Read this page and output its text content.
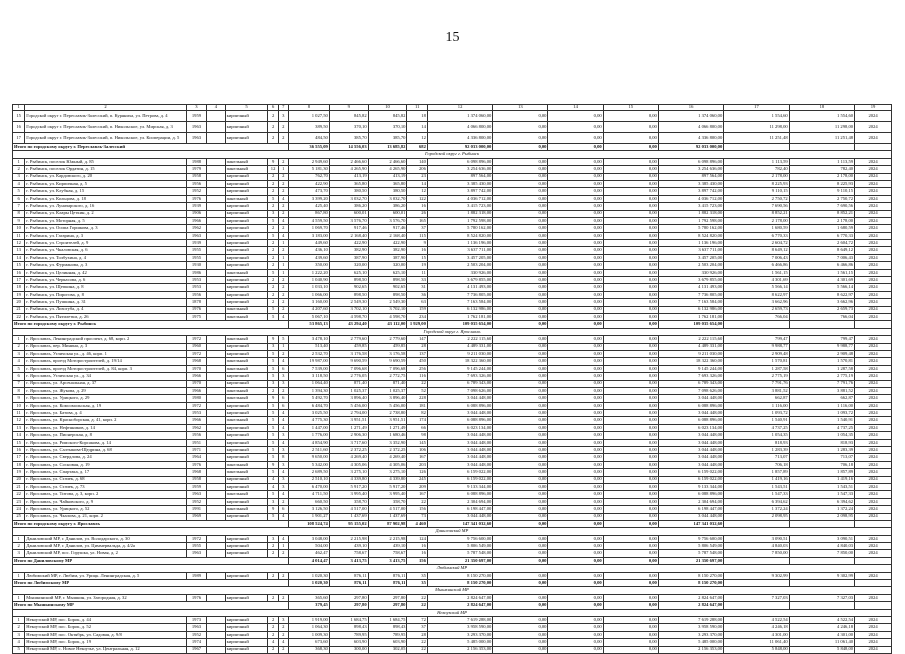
15
1	2	3	4	5	6	7	8	9	10	11	12	13	14	15	16	17	18	19
15	Городской округ г. Переславль-Залесский, п. Куряниха, ул. Петрова, д. 4	1959		кирпичный	2	3	1 027,50	845,82	845,82	18	1 374 060,00	0,00	0,00	0,00	1 374 060,00	1 554,60	1 554,60	2024
16	Городской округ г. Переславль-Залесский, п. Никольское, ул. Мирская, д. 3	1963		кирпичный	2	2	389,50	370,10	370,10	14	4 066 800,00	0,00	0,00	0,00	4 066 800,00	11 298,00	11 298,00	2024
17	Городской округ г. Переславль-Залесский, п. Никольское, ул. Кооперации, д. 5	1963		кирпичный	2	2	484,50	385,70	385,70	12	4 336 800,00	0,00	0,00	0,00	4 336 800,00	11 251,48	11 251,48	2024
Итого по городскому округу г. Переславль-Залесский							36 555,09	14 556,03	13 685,82	682	92 033 000,00	0,00	0,00	0,00	92 033 000,00			
Городской округ г. Рыбинск																		
1	г. Рыбинск, поселок Южный, д. 85	1988		панельный	9	2	2 949,60	2 466,60	2 466,60	140	6 098 896,00	0,00	0,00	0,00	6 098 896,00	1 113,59	1 113,59	2024
2	г. Рыбинск, поселок Ордатин, д. 15	1979		панельный	12	1	5 181,30	4 265,90	4 265,90	206	3 254 636,00	0,00	0,00	0,00	3 254 636,00	782,40	782,40	2024
3	г. Рыбинск, ул. Кардовского, д. 20	1958		кирпичный	2	2	762,70	413,19	413,19	23	897 564,00	0,00	0,00	0,00	897 564,00	2 178,00	2 178,00	2024
4	г. Рыбинск, ул. Кирпичная, д. 5	1956		кирпичный	2	2	422,90	365,80	365,80	14	3 385 430,00	0,00	0,00	0,00	3 385 430,00	8 225,93	8 225,93	2024
5	г. Рыбинск, ул. Клубная, д. 15	1952		кирпичный	2	2	473,70	380,50	380,50	12	3 897 742,00	0,00	0,00	0,00	3 897 742,00	9 110,15	9 110,15	2024
6	г. Рыбинск, ул. Кольцова, д. 18	1976		панельный	5	4	3 399,20	3 032,70	3 032,70	122	4 036 712,00	0,00	0,00	0,00	4 036 712,00	2 750,72	2 750,72	2024
7	г. Рыбинск, ул. Луначарского, д. 16	1939		кирпичный	2	2	425,40	386,20	386,20	16	3 415 723,00	0,00	0,00	0,00	3 415 723,00	7 690,56	7 690,56	2024
8	г. Рыбинск, ул. Клары Цеткин, д. 2	1906		кирпичный	3	2	867,80	600,01	600,01	26	1 882 318,00	0,00	0,00	0,00	1 882 318,00	8 852,21	8 852,21	2024
9	г. Рыбинск, ул. Моторная, д. 5	1966		кирпичный	5	4	4 559,50	3 576,70	3 576,70	165	1 792 598,00	0,00	0,00	0,00	1 792 598,00	2 178,00	2 178,00	2024
10	г. Рыбинск, ул. Осипа Горшкова, д. 3	1962		кирпичный	2	2	1 069,70	917,46	917,46	37	5 780 162,00	0,00	0,00	0,00	5 780 162,00	1 680,59	1 680,59	2024
11	г. Рыбинск, ул. Гагарина, д. 3	1963		кирпичный	5	4	3 183,00	2 168,40	2 168,40	115	8 524 820,00	0,00	0,00	0,00	8 524 820,00	6 770,33	6 770,33	2024
12	г. Рыбинск, ул. Строителей, д. 9	1939		кирпичный	2	1	449,60	422,90	422,90	9	1 136 196,00	0,00	0,00	0,00	1 136 196,00	2 604,72	2 604,72	2024
13	г. Рыбинск, ул. Чкаловская, д. 6	1955		кирпичный	2	2	436,10	382,90	382,90	16	3 637 711,00	0,00	0,00	0,00	3 637 711,00	8 649,12	8 649,12	2024
14	г. Рыбинск, ул. Толбухина, д. 4	1955		кирпичный	2	1	439,60	387,90	387,90	15	3 457 205,00	0,00	0,00	0,00	3 457 205,00	7 006,43	7 006,43	2024
15	г. Рыбинск, ул. Фурманова, д. 3	1930		кирпичный	2	1	350,00	320,00	320,00	19	2 503 204,00	0,00	0,00	0,00	2 503 204,00	6 466,86	6 466,86	2024
16	г. Рыбинск, ул. Целинная, д. 42	1986		панельный	5	1	1 222,20	625,10	625,10	11	330 926,00	0,00	0,00	0,00	330 926,00	1 561,15	1 561,15	2024
17	г. Рыбинск, ул. Черкасова, д. 6	1953		кирпичный	2	2	1 040,90	898,50	898,50	33	3 679 855,00	0,00	0,00	0,00	3 679 855,00	4 301,69	4 301,69	2024
18	г. Рыбинск, ул. Щепкина, д. 8	1953		кирпичный	2	2	1 033,10	902,65	902,65	31	4 131 493,00	0,00	0,00	0,00	4 131 493,00	5 566,14	5 566,14	2024
19	г. Рыбинск, ул. Пирогова, д. 8	1956		кирпичный	2	2	1 066,00	898,50	898,50	36	7 736 805,00	0,00	0,00	0,00	7 736 805,00	8 622,97	8 622,97	2024
20	г. Рыбинск, ул. Пушкина, д. 31	1878		кирпичный	2	2	3 160,00	2 549,30	2 549,30	63	7 163 584,00	0,00	0,00	0,00	7 163 584,00	3 662,96	3 662,96	2024
21	г. Рыбинск, ул. Лизогуба, д. 4	1976		панельный	5	2	4 207,60	3 702,10	3 702,10	159	6 132 986,00	0,00	0,00	0,00	6 132 986,00	2 659,73	2 659,73	2024
22	г. Рыбинск, ул. Пятилетки, д. 26	1975		панельный	5	4	5 067,10	4 598,70	4 598,70	234	1 762 181,00	0,00	0,00	0,00	1 762 181,00	766,04	766,04	2024
Итого по городскому округу г. Рыбинск							53 865,13	43 294,40	43 112,00	1 929,00	109 035 654,00	0,00	0,00	0,00	109 035 654,00			
Городской округ г. Ярославль																		
1	г. Ярославль, Ленинградский проспект, д. 68, корп. 2	1972		панельный	9	5	3 478,10	2 779,60	2 779,60	147	2 222 115,60	0,00	0,00	0,00	2 222 115,60	799,47	799,47	2024
2	г. Ярославль, пер. Минина, д. 3	1960		кирпичный	3	1	513,40	459,85	459,85	28	4 489 331,00	0,00	0,00	0,00	4 489 331,00	9 988,77	9 988,77	2024
3	г. Ярославль, Угличская ул., д. 46, корп. 1	1972		кирпичный	5	2	2 532,70	3 176,58	3 176,58	137	9 211 030,00	0,00	0,00	0,00	9 211 030,00	2 909,48	2 909,48	2024
4	г. Ярославль, проезд Моторостроителей, д. 19/14	1968		панельный	5	4	19 987,00	9 690,59	9 690,59	450	18 322 360,00	0,00	0,00	0,00	18 322 360,00	1 570,81	1 570,81	2024
5	г. Ярославль, проезд Моторостроителей, д. 84, корп. 3	1970		панельный	5	6	7 539,00	7 096,68	7 096,68	256	9 145 244,00	0,00	0,00	0,00	9 145 244,00	1 287,58	1 287,58	2024
6	г. Ярославль, Угличская ул., д. 34	1966		кирпичный	5	3	3 118,50	2 776,05	2 772,75	116	7 693 326,00	0,00	0,00	0,00	7 693 326,00	2 775,19	2 775,19	2024
7	г. Ярославль, ул. Арсенальная, д. 37	1970		кирпичный	3	3	1 064,40	871,40	871,40	22	6 789 343,00	0,00	0,00	0,00	6 789 343,00	7 791,76	7 791,76	2024
8	г. Ярославль, ул. Жукова, д. 29	1966		панельный	2	2	1 394,30	1 025,37	1 025,37	52	7 098 626,00	0,00	0,00	0,00	7 098 626,00	3 881,52	3 881,52	2024
9	г. Ярославль, ул. Урицкого, д. 29	1980		панельный	9	6	5 492,70	3 896,40	3 896,40	228	3 044 448,00	0,00	0,00	0,00	3 044 448,00	662,87	662,87	2024
10	г. Ярославль, ул. Комсомольская, д. 19	1972		кирпичный	5	6	6 484,70	5 456,00	5 456,00	181	6 088 896,00	0,00	0,00	0,00	6 088 896,00	1 116,00	1 116,00	2024
11	г. Ярославль, ул. Батова, д. 4	1953		кирпичный	5	4	3 025,50	2 794,00	2 738,80	82	3 044 448,00	0,00	0,00	0,00	3 044 448,00	1 093,72	1 093,72	2024
12	г. Ярославль, ул. Красноборская, д. 41, корп. 2	1966		панельный	5	4	4 775,30	3 951,51	3 951,51	174	6 088 896,00	0,00	0,00	0,00	6 088 896,00	1 540,91	1 540,91	2024
13	г. Ярославль, ул. Нефтяников, д. 14	1962		кирпичный	5	4	1 447,00	1 271,49	1 271,49	66	6 023 134,00	0,00	0,00	0,00	6 023 134,00	4 737,25	4 737,25	2024
14	г. Ярославль, ул. Пионерская, д. 8	1956		кирпичный	5	3	1 776,00	2 906,30	1 680,46	98	3 044 448,00	0,00	0,00	0,00	3 044 448,00	1 054,35	1 054,35	2024
15	г. Ярославль, ул. Римского-Корсакова, д. 14	1951		кирпичный	5	4	4 854,90	3 717,60	3 352,90	145	3 044 448,00	0,00	0,00	0,00	3 044 448,00	818,93	818,93	2024
16	г. Ярославль, ул. Салтыкова-Щедрина, д. 68	1971		кирпичный	5	3	2 511,60	2 372,25	2 372,25	106	3 044 448,00	0,00	0,00	0,00	3 044 448,00	1 283,39	1 283,39	2024
17	г. Ярославль, ул. Свердлова, д. 24	1964		кирпичный	5	8	9 650,00	4 269,40	4 269,40	167	3 044 448,00	0,00	0,00	0,00	3 044 448,00	713,07	713,07	2024
18	г. Ярославль, ул. Сосновая, д. 19	1976		панельный	9	3	5 342,00	4 305,06	4 305,06	203	3 044 448,00	0,00	0,00	0,00	3 044 448,00	706,18	706,18	2024
19	г. Ярославль, ул. Спартака, д. 17	1968		панельный	5	4	2 689,50	3 275,10	3 275,10	126	6 159 022,00	0,00	0,00	0,00	6 159 022,00	1 857,89	1 857,89	2024
20	г. Ярославль, ул. Стачек, д. 68	1958		кирпичный	4	3	2 510,10	4 339,80	4 339,80	245	6 159 022,00	0,00	0,00	0,00	6 159 022,00	1 419,16	1 419,16	2024
21	г. Ярославль, ул. Стачек, д. 73	1959		кирпичный	4	3	6 470,00	5 917,20	5 917,20	209	9 133 344,00	0,00	0,00	0,00	9 133 344,00	1 543,51	1 543,51	2024
22	г. Ярославль, ул. Титова, д. 3, корп. 2	1963		панельный	5	4	4 711,50	3 995,40	3 995,40	167	6 088 896,00	0,00	0,00	0,00	6 088 896,00	1 547,33	1 547,33	2024
23	г. Ярославль, ул. Чайковского, д. 9	1952		кирпичный	3	2	660,50	358,70	358,70	22	2 304 694,00	0,00	0,00	0,00	2 304 694,00	6 394,62	6 394,62	2024
24	г. Ярославль, ул. Урицкого, д. 52	1991		панельный	9	6	3 126,50	4 517,00	4 517,00	156	6 198 447,00	0,00	0,00	0,00	6 198 447,00	1 372,24	1 372,24	2024
25	г. Ярославль, ул. Чкалова, д. 21, корп. 2	1969		кирпичный	5	4	1 901,27	1 437,69	1 437,69	73	3 044 448,00	0,00	0,00	0,00	3 044 448,00	2 098,95	2 098,95	2024
Итого по городскому округу г. Ярославль							108 524,74	95 155,02	87 902,98	4 460	147 341 032,60	0,00	0,00	0,00	147 341 032,60			
Даниловский МР																		
1	Даниловский МР, г. Данилов, ул. Володарского, д. 30	1972		кирпичный	3	4	3 048,00	2 215,98	2 215,98	124	9 756 600,00	0,00	0,00	0,00	9 756 600,00	3 090,51	3 090,51	2024
2	Даниловский МР, г. Данилов, ул. Циммервальда, д. 4/2а	1955		кирпичный	2	1	504,00	439,10	439,10	16	5 806 549,00	0,00	0,00	0,00	5 806 549,00	4 840,03	4 840,03	2024
3	Даниловский МР, пос. Горушка, ул. Новая, д. 2	1963		кирпичный	2	2	462,47	758,67	758,67	16	5 787 548,00	0,00	0,00	0,00	5 787 548,00	7 850,00	7 850,00	2024
Итого по Даниловскому МР							4 014,47	3 413,75	3 413,75	156	21 350 697,00	0,00	0,00	0,00	21 350 697,00			
Любимский МР																		
1	Любимский МР, г. Любим, ул. Урицк. Ленинградская, д. 5	1989		кирпичный	2	2	1 020,30	876,11	876,11	35	8 150 270,00	0,00	0,00	0,00	8 150 270,00	9 302,99	9 302,99	2024
Итого по Любимскому МР							1 020,30	876,11	876,11	35	8 150 270,00	0,00	0,00	0,00	8 150 270,00			
Мышкинский МР																		
1	Мышкинский МР, г. Мышкин, ул. Загородная, д. 32	1976		кирпичный	2	2	365,60	297,80	297,80	22	2 824 647,00	0,00	0,00	0,00	2 824 647,00	7 327,03	7 327,03	2024
Итого по Мышкинскому МР							379,45	297,80	297,80	22	2 824 647,00	0,00	0,00	0,00	2 824 647,00			
Некоузский МР																		
1	Некоузский МР, пос. Борок, д. 44	1973		кирпичный	2	3	1 919,00	1 684,75	1 684,75	72	7 619 288,00	0,00	0,00	0,00	7 619 288,00	4 522,54	4 522,54	2024
2	Некоузский МР, пос. Борок, д. 52	1963		кирпичный	2	2	1 064,30	898,43	898,43	37	3 958 590,00	0,00	0,00	0,00	3 958 590,00	4 246,18	4 246,18	2024
3	Некоузский МР, пос. Октябрь, ул. Садовая, д. 9/8	1952		кирпичный	2	2	1 009,30	789,95	789,95	28	3 293 370,00	0,00	0,00	0,00	3 293 370,00	4 301,00	4 301,00	2024
4	Некоузский МР, пос. Борок, д. 19	1974		кирпичный	4	4	673,60	603,90	603,90	22	5 485 000,00	0,00	0,00	0,00	5 485 000,00	11 061,40	11 061,40	2024
5	Некоузский МР, с. Новое Некоузье, ул. Центральная, д. 12	1967		кирпичный	2	2	368,30	300,00	302,05	22	2 156 353,00	0,00	0,00	0,00	2 156 353,00	5 848,00	5 848,00	2024
